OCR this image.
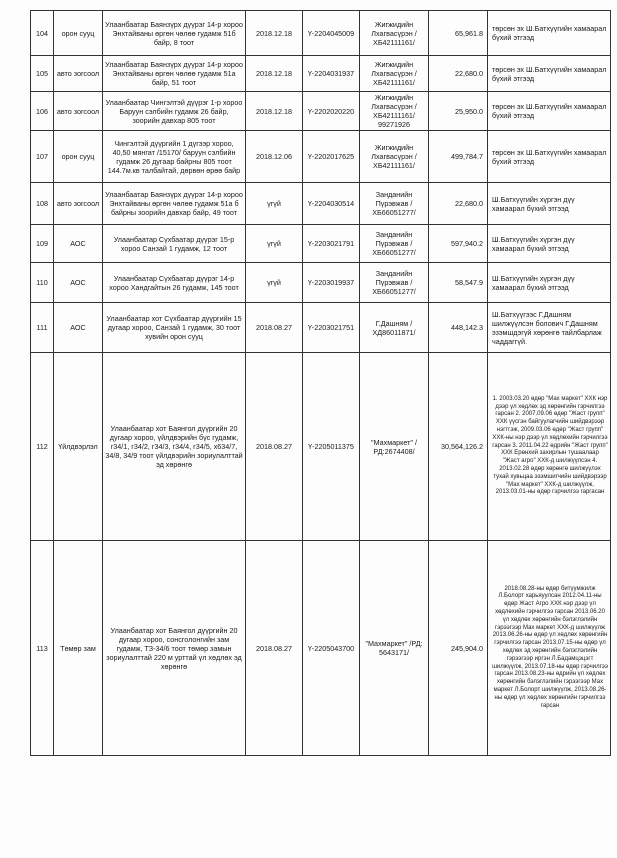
104	орон сууц	Улаанбаатар Баянзүрх дүүрэг 14-р хороо Энхтайваны өргөн чөлөө гудамж 51б байр, 8 тоот	2018.12.18	Ү-2204045009	Жигжидийн Лхагвасүрэн /ХБ42111161/	65,961.8	төрсөн эх Ш.Батхүүгийн хамаарал бүхий этгээд
105	авто зогсоол	Улаанбаатар Баянзүрх дүүрэг 14-р хороо Энхтайваны өргөн чөлөө гудамж 51а байр, 51 тоот	2018.12.18	Ү-2204031937	Жигжидийн Лхагвасүрэн /ХБ42111161/	22,680.0	төрсөн эх Ш.Батхүүгийн хамаарал бүхий этгээд
106	авто зогсоол	Улаанбаатар Чингэлтэй дүүрэг 1-р хороо Баруун сэлбийн гудамж 26 байр, зоорийн давхар 805 тоот	2018.12.18	Ү-2202020220	Жигжидийн Лхагвасүрэн /ХБ42111161/ 99271926	25,950.0	төрсөн эх Ш.Батхүүгийн хамаарал бүхий этгээд
107	орон сууц	Чингэлтэй дүүргийн 1 дүгээр хороо, 40,50 мянгат /15170/ баруун сэлбийн гудамж 26 дугаар байрны 805 тоот 144.7м.кв талбайтай, дөрвөн өрөө байр	2018.12.06	Ү-2202017625	Жигжидийн Лхагвасүрэн /ХБ42111161/	499,784.7	төрсөн эх Ш.Батхүүгийн хамаарал бүхий этгээд
108	авто зогсоол	Улаанбаатар Баянзүрх дүүрэг 14-р хороо Энхтайваны өргөн чөлөө гудамж 51а б байрны зоорийн давхар байр, 49 тоот	үгүй	Ү-2204030514	Занданийн Пүрэвжав /ХБ66051277/	22,680.0	Ш.Батхүүгийн хүргэн дүү хамаарал бүхий этгээд
109	АОС	Улаанбаатар Сүхбаатар дүүрэг 15-р хороо Санзай 1 гудамж, 12 тоот	үгүй	Ү-2203021791	Занданийн Пүрэвжав /ХБ66051277/	597,940.2	Ш.Батхүүгийн хүргэн дүү хамаарал бүхий этгээд
110	АОС	Улаанбаатар Сүхбаатар дүүрэг 14-р хороо Хандгайтын 26 гудамж, 145 тоот	үгүй	Ү-2203019937	Занданийн Пүрэвжав /ХБ66051277/	58,547.9	Ш.Батхүүгийн хүргэн дүү хамаарал бүхий этгээд
111	АОС	Улаанбаатар хот Сүхбаатар дүүргийн 15 дугаар хороо, Санзай 1 гудамж, 30 тоот хувийн орон сууц	2018.08.27	Ү-2203021751	Г.Дашням /ХД86011871/	448,142.3	Ш.Батхүүгээс Г.Дашням шилжүүлсэн болович Г.Дашням эзэмшдэгүй хөрөнгө тайлбарлаж чаддаггүй.
112	Үйлдвэрлэл	Улаанбаатар хот Баянгол дүүргийн 20 дугаар хороо, үйлдвэрийн бүс гудамж, г34/1, г34/2, г34/3, г34/4, г34/5, х634/7, 34/8, 34/9 тоот үйлдвэрийн зориулалттай эд хөрөнгө	2018.08.27	Ү-2205011375	"Махмаркет" /РД:2674408/	30,564,126.2	1. 2003.03.20 өдөр "Мах маркет" ХХК нэр дээр үл хөдлөх эд хөрөнгийн гэрчилгээ гарсан 2. 2007.09.06 өдөр "Жаст групп" ХХК үүсгэн байгуулагчийн шийдвэрээр нэгтгэж, 2009.03.06 өдөр "Жаст групп" ХХК-ны нэр дээр үл хөдлөхийн гэрчилгээ гарсан 3. 2011.04.22 өдрийн "Жаст групп" ХХК Ерөнхий захирлын тушаалаар "Жаст агро" ХХК-д шилжүүлсэн 4. 2013.02.28 өдөр хөрөнгө шилжүүлэх тухай хувьцаа эзэмшигчийн шийдвэрээр "Мах маркет" ХХК-д шилжүүлж, 2013.03.01-ны өдөр гэрчилгээ гаргасан
113	Төмөр зам	Улаанбаатар хот Баянгол дүүргийн 20 дугаар хороо, сонсголонгийн зам гудамж, ТЗ-34/6 тоот төмөр замын зориулалттай 220 м урттай үл хөдлөх эд хөрөнгө	2018.08.27	Ү-2205043700	"Махмаркет" /РД: 5643171/	245,904.0	2018.08.28-ны өдөр битүүмжилж Л.Болорт харьяуулсан 2012.04.11-ны өдөр Жаст Агро ХХК нэр дээр үл хөдлөхийн гэрчилгээ гарсан 2013.06.20 үл хөдлөх хөрөнгийн бэлэглэлийн гэрээгээр Мах маркет ХХК-д шилжүүлж 2013.06.26-ны өдөр үл хөдлөх хөрөнгийн гэрчилгээ гарсан 2013.07.15-ны өдөр үл хөдлөх эд хөрөнгийн бэлэглэлийн гэрээгээр иргэн Л.Бадамцэцэгт шилжүүлж, 2013.07.18-ны өдөр гэрчилгээ гарсан 2013.08.23-ны өдрийн үл хөдлөх хөрөнгийн бэлэглэлийн гэрээгээр Мах маркет Л.Болорт шилжүүлж, 2013.08.26-ны өдөр үл хөдлөх хөрөнгийн гэрчилгээ гарсан
